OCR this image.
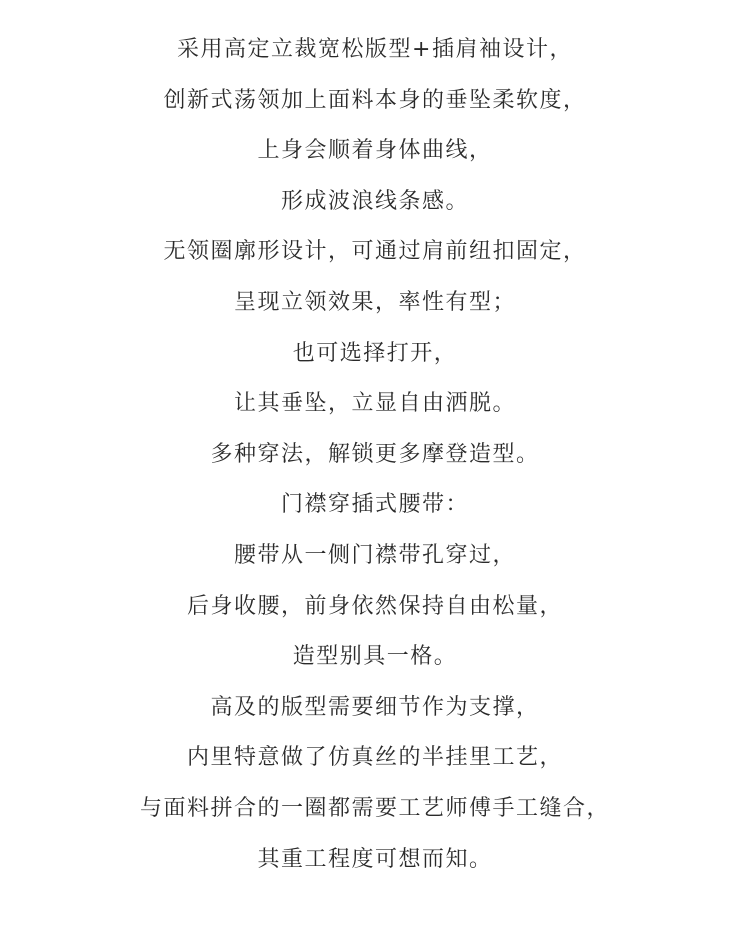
采用高定立裁宽松版型+插肩袖设计，
创新式荡领加上面料本身的垂坠柔软度，
上身会顺着身体曲线，
形成波浪线条感。
无领圈廓形设计，可通过肩前纽扣固定，
呈现立领效果，率性有型；
也可选择打开，
让其垂坠，立显自由洒脱。
多种穿法，解锁更多摩登造型。
门襟穿插式腰带：
腰带从一侧门襟带孔穿过，
后身收腰，前身依然保持自由松量，
造型别具一格。
高及的版型需要细节作为支撑，
内里特意做了仿真丝的半挂里工艺，
与面料拼合的一圈都需要工艺师傅手工缝合，
其重工程度可想而知。
